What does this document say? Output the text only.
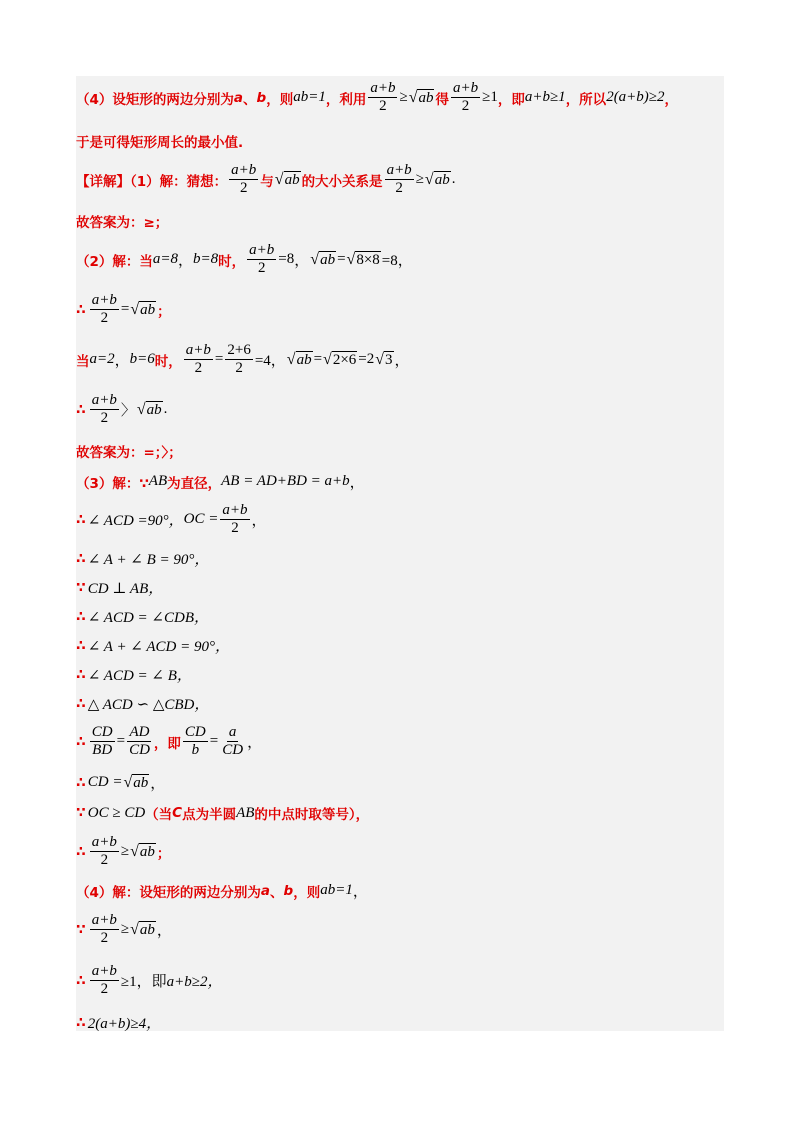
（4）设矩形的两边分别为 a 、 b ，则 ab=1 ，利用 $\frac{a+b}{2}$ ≥ √ ab 得 $\frac{a+b}{2} \ge 1$ ，即 a+b≥1 ，所以 2(a+b)≥2 ，
于是可得矩形周长的最小值.
【详解】（1）解：猜想： $\frac{a+b}{2}$ 与 √ ab 的大小关系是 $\frac{a+b}{2}$ ≥ √ ab .
故答案为：≥；
（2）解：当 a=8 ， b=8 时， $\frac{a+b}{2} =8$ ， √ ab = √ 8×8 =8，
∴ $\frac{a+b}{2}$ = √ ab ；
当 a=2 ， b=6 时， $\frac{a+b}{2} = \frac{2+6}{2} =4$， √ ab = √ 2×6 =2 √ 3 ，
∴ $\frac{a+b}{2}$ 〉 √ ab .
故答案为：=；〉；
（3）解：∵ AB 为直径， AB = AD+BD = a+b ，
∴ ∠ ACD =90°， OC = $\frac{a+b}{2}$ ，
∴ ∠ A + ∠ B = 90°，
∵ CD ⊥ AB，
∴ ∠ ACD = ∠CDB，
∴ ∠ A + ∠ ACD = 90°，
∴ ∠ ACD = ∠ B，
∴ △ ACD ∽ △CBD，
∴ $\frac{CD}{BD} = \frac{AD}{CD}$ ，即 $\frac{CD}{b} = \frac{a}{CD}$ ，
∴ CD = √ ab ，
∵ OC ≥ CD （当 C 点为半圆 AB 的中点时取等号），
∴ $\frac{a+b}{2}$ ≥ √ ab ；
（4）解：设矩形的两边分别为 a 、 b ，则 ab=1 ，
∵ $\frac{a+b}{2}$ ≥ √ ab ，
∴ $\frac{a+b}{2} \ge 1$，即 a+b≥2，
∴ 2(a+b)≥4，
